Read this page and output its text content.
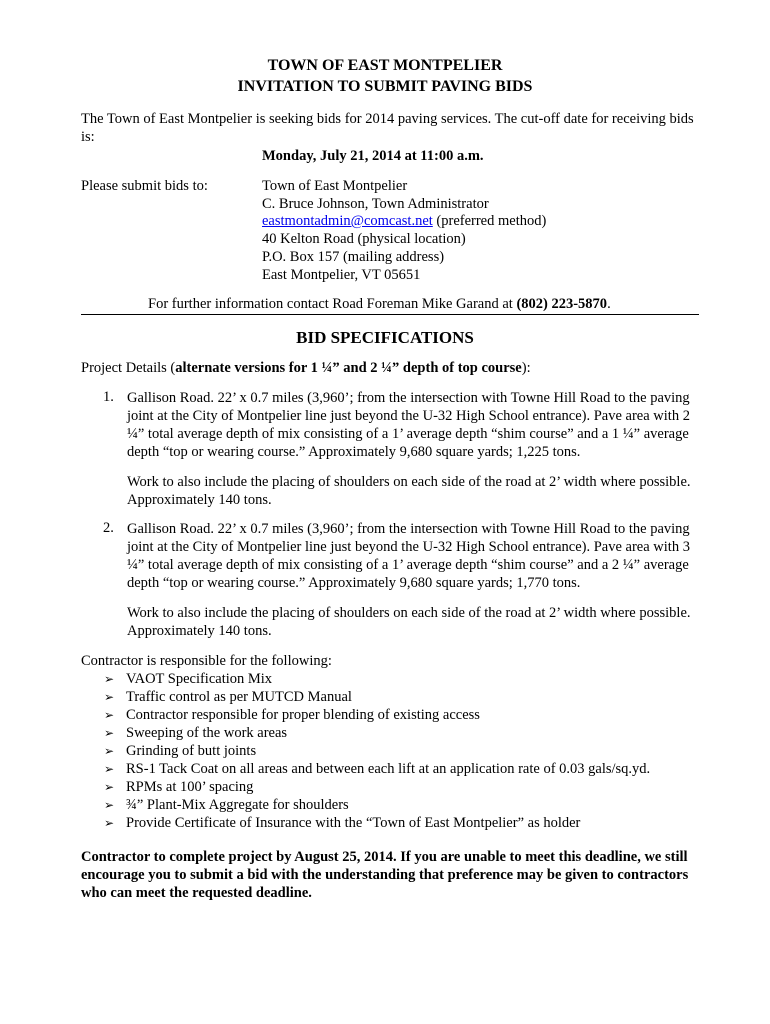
TOWN OF EAST MONTPELIER
INVITATION TO SUBMIT PAVING BIDS
The Town of East Montpelier is seeking bids for 2014 paving services. The cut-off date for receiving bids is:
Monday, July 21, 2014 at 11:00 a.m.
Please submit bids to:	Town of East Montpelier
C. Bruce Johnson, Town Administrator
eastmontadmin@comcast.net (preferred method)
40 Kelton Road (physical location)
P.O. Box 157 (mailing address)
East Montpelier, VT 05651
For further information contact Road Foreman Mike Garand at (802) 223-5870.
BID SPECIFICATIONS
Project Details (alternate versions for 1 ¼” and 2 ¼” depth of top course):
1. Gallison Road. 22’ x 0.7 miles (3,960’; from the intersection with Towne Hill Road to the paving joint at the City of Montpelier line just beyond the U-32 High School entrance). Pave area with 2 ¼” total average depth of mix consisting of a 1’ average depth “shim course” and a 1 ¼” average depth “top or wearing course.” Approximately 9,680 square yards; 1,225 tons.
Work to also include the placing of shoulders on each side of the road at 2’ width where possible. Approximately 140 tons.
2. Gallison Road. 22’ x 0.7 miles (3,960’; from the intersection with Towne Hill Road to the paving joint at the City of Montpelier line just beyond the U-32 High School entrance). Pave area with 3 ¼” total average depth of mix consisting of a 1’ average depth “shim course” and a 2 ¼” average depth “top or wearing course.” Approximately 9,680 square yards; 1,770 tons.
Work to also include the placing of shoulders on each side of the road at 2’ width where possible. Approximately 140 tons.
Contractor is responsible for the following:
➢ VAOT Specification Mix
➢ Traffic control as per MUTCD Manual
➢ Contractor responsible for proper blending of existing access
➢ Sweeping of the work areas
➢ Grinding of butt joints
➢ RS-1 Tack Coat on all areas and between each lift at an application rate of 0.03 gals/sq.yd.
➢ RPMs at 100’ spacing
➢ ¾” Plant-Mix Aggregate for shoulders
➢ Provide Certificate of Insurance with the “Town of East Montpelier” as holder
Contractor to complete project by August 25, 2014. If you are unable to meet this deadline, we still encourage you to submit a bid with the understanding that preference may be given to contractors who can meet the requested deadline.
